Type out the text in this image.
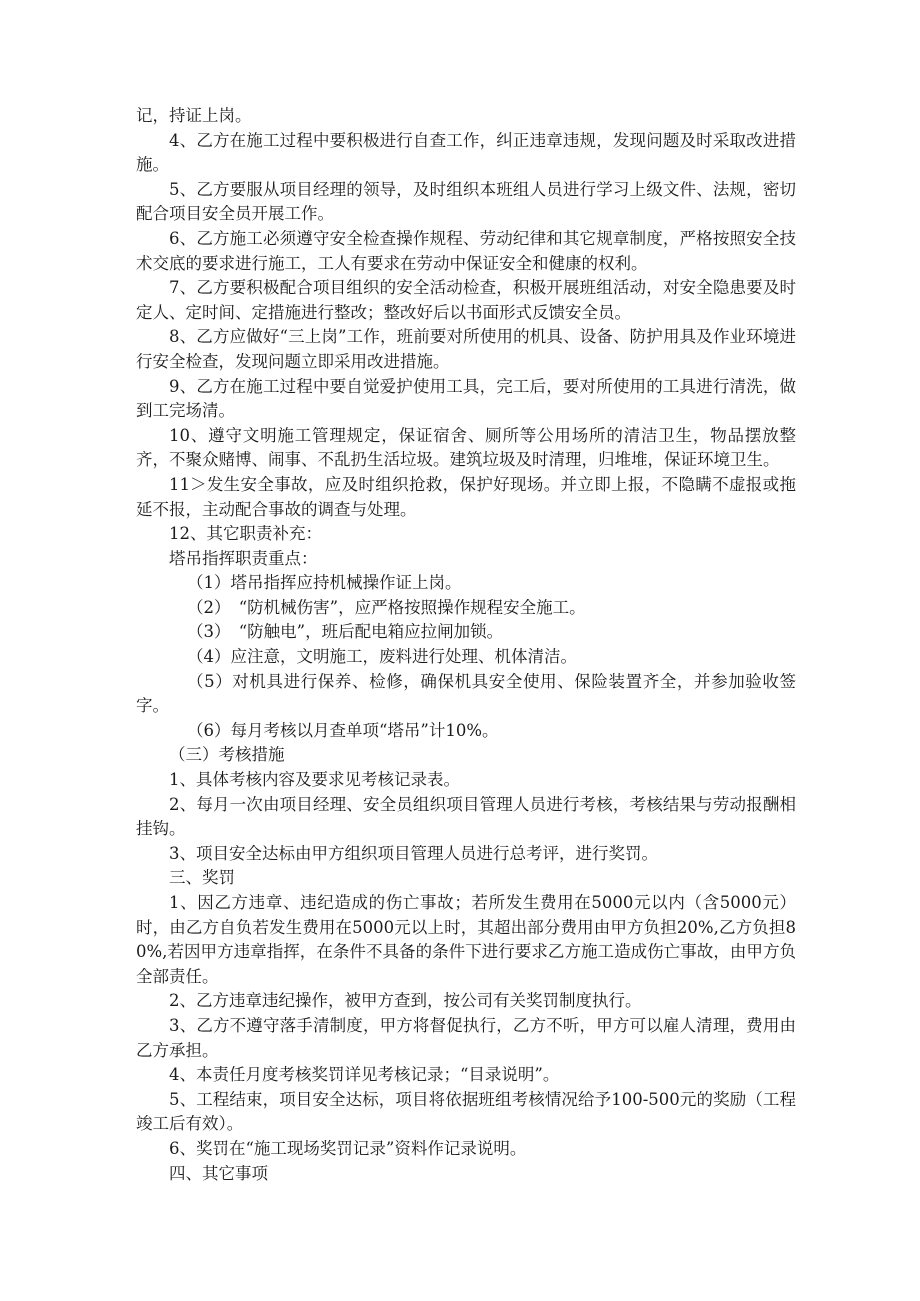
记，持证上岗。

4、乙方在施工过程中要积极进行自查工作，纠正违章违规，发现问题及时采取改进措施。

5、乙方要服从项目经理的领导，及时组织本班组人员进行学习上级文件、法规，密切配合项目安全员开展工作。

6、乙方施工必须遵守安全检查操作规程、劳动纪律和其它规章制度，严格按照安全技术交底的要求进行施工，工人有要求在劳动中保证安全和健康的权利。

7、乙方要积极配合项目组织的安全活动检查，积极开展班组活动，对安全隐患要及时定人、定时间、定措施进行整改；整改好后以书面形式反馈安全员。

8、乙方应做好“三上岗”工作，班前要对所使用的机具、设备、防护用具及作业环境进行安全检查，发现问题立即采用改进措施。

9、乙方在施工过程中要自觉爱护使用工具，完工后，要对所使用的工具进行清洗，做到工完场清。

10、遵守文明施工管理规定，保证宿舍、厕所等公用场所的清洁卫生，物品摆放整齐，不聚众赌博、闹事、不乱扔生活垃圾。建筑垃圾及时清理，归堆堆，保证环境卫生。

11＞发生安全事故，应及时组织抢救，保护好现场。并立即上报，不隐瞒不虚报或拖延不报，主动配合事故的调查与处理。

12、其它职责补充：

塔吊指挥职责重点：

（1）塔吊指挥应持机械操作证上岗。

（2）　“防机械伤害”，应严格按照操作规程安全施工。

（3）　“防触电”，班后配电箱应拉闸加锁。

（4）应注意，文明施工，废料进行处理、机体清洁。

（5）对机具进行保养、检修，确保机具安全使用、保险装置齐全，并参加验收签字。

（6）每月考核以月查单项“塔吊”计10%。

（三）考核措施

1、具体考核内容及要求见考核记录表。

2、每月一次由项目经理、安全员组织项目管理人员进行考核，考核结果与劳动报酬相挂钩。

3、项目安全达标由甲方组织项目管理人员进行总考评，进行奖罚。

三、奖罚

1、因乙方违章、违纪造成的伤亡事故；若所发生费用在5000元以内（含5000元）时，由乙方自负若发生费用在5000元以上时，其超出部分费用由甲方负担20%,乙方负担80%,若因甲方违章指挥，在条件不具备的条件下进行要求乙方施工造成伤亡事故，由甲方负全部责任。

2、乙方违章违纪操作，被甲方查到，按公司有关奖罚制度执行。

3、乙方不遵守落手清制度，甲方将督促执行，乙方不听，甲方可以雇人清理，费用由乙方承担。

4、本责任月度考核奖罚详见考核记录；“目录说明”。

5、工程结束，项目安全达标，项目将依据班组考核情况给予100-500元的奖励（工程竣工后有效）。

6、奖罚在“施工现场奖罚记录”资料作记录说明。

四、其它事项
